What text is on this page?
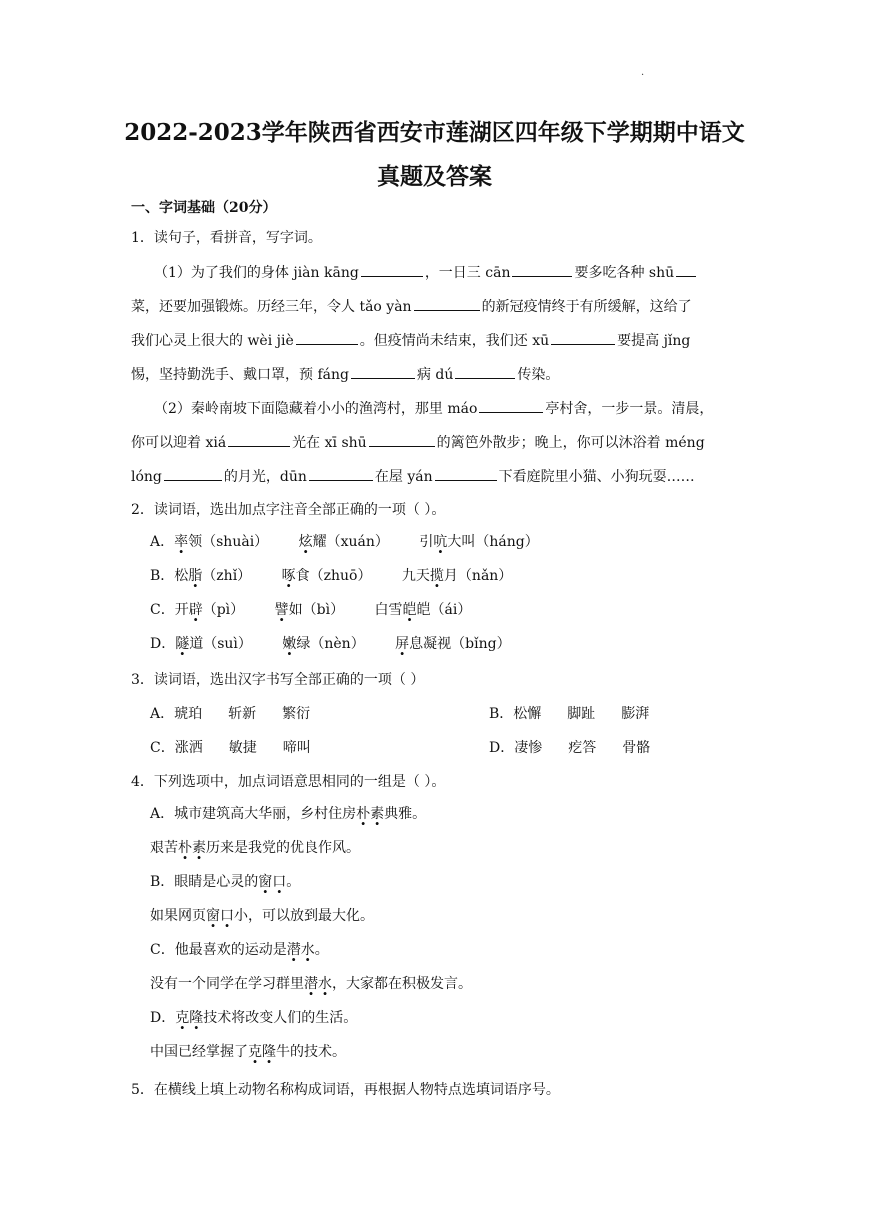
·
2022-2023学年陕西省西安市莲湖区四年级下学期期中语文
真题及答案
一、字词基础（20分）
1．读句子，看拼音，写字词。
（1）为了我们的身体 jiàn kāng	，一日三 cān	要多吃各种 shū
菜，还要加强锻炼。历经三年，令人 tǎo yàn	的新冠疫情终于有所缓解，这给了
我们心灵上很大的 wèi jiè	。但疫情尚未结束，我们还 xū	要提高 jǐng
惕，坚持勤洗手、戴口罩，预 fáng	病 dú	传染。
（2）秦岭南坡下面隐藏着小小的渔湾村，那里 máo	亭村舍，一步一景。清晨，
你可以迎着 xiá	光在 xī shū	的篱笆外散步；晚上，你可以沐浴着 méng
lóng	的月光，dūn	在屋 yán	下看庭院里小猫、小狗玩耍……
2．读词语，选出加点字注音全部正确的一项（ ）。
A．率领（shuài） 炫耀（xuán） 引吭大叫（háng）
B．松脂（zhǐ） 啄食（zhuō） 九天揽月（nǎn）
C．开辟（pì） 譬如（bì） 白雪皑皑（ái）
D．隧道（suì） 嫩绿（nèn） 屏息凝视（bǐng）
3．读词语，选出汉字书写全部正确的一项（ ）
A．琥珀 斩新 繁衍	B．松懈 脚趾 膨湃
C．涨洒 敏捷 啼叫	D．凄惨 疙答 骨骼
4．下列选项中，加点词语意思相同的一组是（ ）。
A．城市建筑高大华丽，乡村住房朴素典雅。
艰苦朴素历来是我党的优良作风。
B．眼睛是心灵的窗口。
如果网页窗口小，可以放到最大化。
C．他最喜欢的运动是潜水。
没有一个同学在学习群里潜水，大家都在积极发言。
D．克隆技术将改变人们的生活。
中国已经掌握了克隆牛的技术。
5．在横线上填上动物名称构成词语，再根据人物特点选填词语序号。
